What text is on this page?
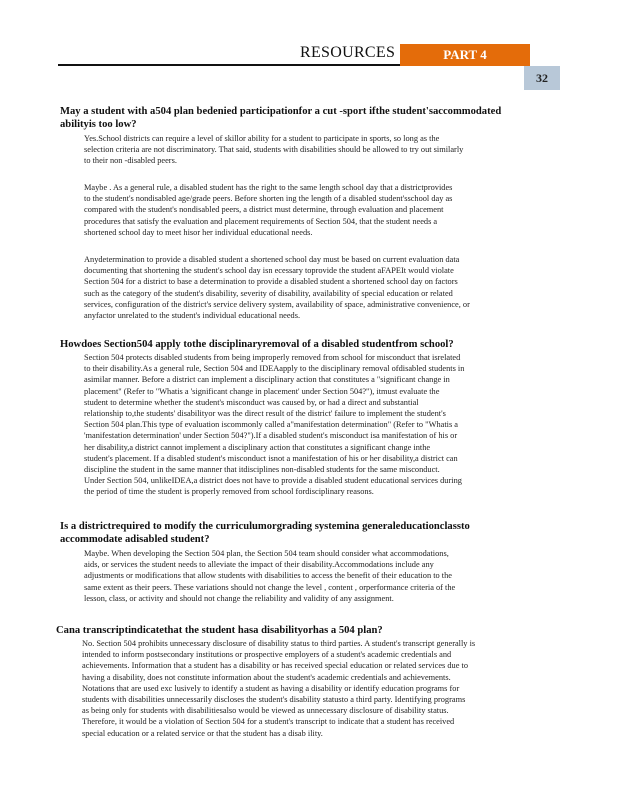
RESOURCES	PART 4
32
May a student with a504 plan bedenied participationfor a cut -sport ifthe student'saccommodated
abilityis too low?
Yes.School districts can require a level of skillor ability for a student to participate in sports, so long as the
selection criteria are not discriminatory. That said, students with disabilities should be allowed to try out similarly
to their non -disabled peers.
Maybe . As a general rule, a disabled student has the right to the same length school day that a districtprovides
to the student's nondisabled age/grade peers. Before shorten ing the length of a disabled student'sschool day as
compared with the student's nondisabled peers, a district must determine, through evaluation and placement
procedures that satisfy the evaluation and placement requirements of Section 504, that the student needs a
shortened school day to meet hisor her individual educational needs.
Anydetermination to provide a disabled student a shortened school day must be based on current evaluation data
documenting that shortening the student's school day isn ecessary toprovide the student aFAPEIt would violate
Section 504 for a district to base a determination to provide a disabled student a shortened school day on factors
such as the category of the student's disability, severity of disability, availability of special education or related
services, configuration of the district's service delivery system, availability of space, administrative convenience, or
anyfactor unrelated to the student's individual educational needs.
Howdoes Section504 apply tothe disciplinaryremoval of a disabled studentfrom school?
Section 504 protects disabled students from being improperly removed from school for misconduct that isrelated
to their disability.As a general rule, Section 504 and IDEAapply to the disciplinary removal ofdisabled students in
asimilar manner. Before a district can implement a disciplinary action that constitutes a "significant change in
placement" (Refer to "Whatis a 'significant change in placement' under Section 504?"), itmust evaluate the
student to determine whether the student's misconduct was caused by, or had a direct and substantial
relationship to,the students' disabilityor was the direct result of the district' failure to implement the student's
Section 504 plan.This type of evaluation iscommonly called a"manifestation determination" (Refer to "Whatis a
'manifestation determination' under Section 504?").If a disabled student's misconduct isa manifestation of his or
her disability,a district cannot implement a disciplinary action that constitutes a significant change inthe
student's placement. If a disabled student's misconduct isnot a manifestation of his or her disability,a district can
discipline the student in the same manner that itdisciplines non-disabled students for the same misconduct.
Under Section 504, unlikeIDEA,a district does not have to provide a disabled student educational services during
the period of time the student is properly removed from school fordisciplinary reasons.
Is a districtrequired to modify the curriculumorgrading systemina generaleducationclassto
accommodate adisabled student?
Maybe. When developing the Section 504 plan, the Section 504 team should consider what accommodations,
aids, or services the student needs to alleviate the impact of their disability.Accommodations include any
adjustments or modifications that allow students with disabilities to access the benefit of their education to the
same extent as their peers. These variations should not change the level , content , orperformance criteria of the
lesson, class, or activity and should not change the reliability and validity of any assignment.
Cana transcriptindicatethat the student hasa disabilityorhas a 504 plan?
No. Section 504 prohibits unnecessary disclosure of disability status to third parties. A student's transcript generally is
intended to inform postsecondary institutions or prospective employers of a student's academic credentials and
achievements. Information that a student has a disability or has received special education or related services due to
having a disability, does not constitute information about the student's academic credentials and achievements.
Notations that are used exc lusively to identify a student as having a disability or identify education programs for
students with disabilities unnecessarily discloses the student's disability statusto a third party. Identifying programs
as being only for students with disabilitiesalso would be viewed as unnecessary disclosure of disability status.
Therefore, it would be a violation of Section 504 for a student's transcript to indicate that a student has received
special education or a related service or that the student has a disab ility.
